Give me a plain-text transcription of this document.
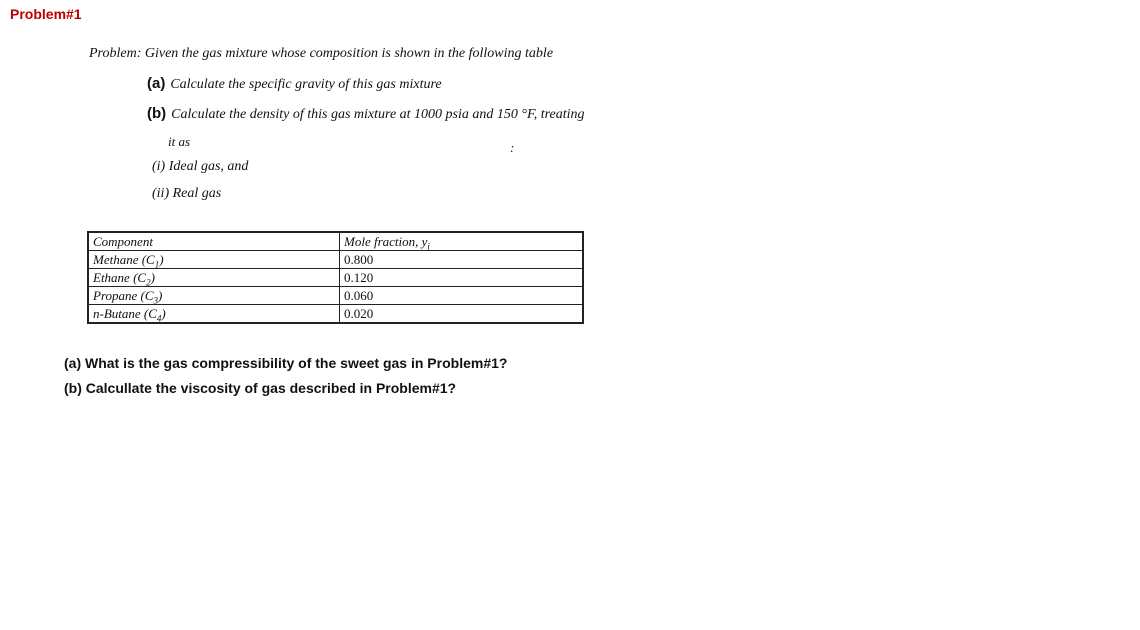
Problem#1
Problem: Given the gas mixture whose composition is shown in the following table
(a) Calculate the specific gravity of this gas mixture
(b) Calculate the density of this gas mixture at 1000 psia and 150 °F, treating
it as	:
(i) Ideal gas, and
(ii) Real gas
Component	Mole fraction, $y_i$
Methane $(C_1)$	0.800
Ethane $(C_2)$	0.120
Propane $(C_3)$	0.060
n-Butane $(C_4)$	0.020
(a) What is the gas compressibility of the sweet gas in Problem#1?
(b) Calcullate the viscosity of gas described in Problem#1?
